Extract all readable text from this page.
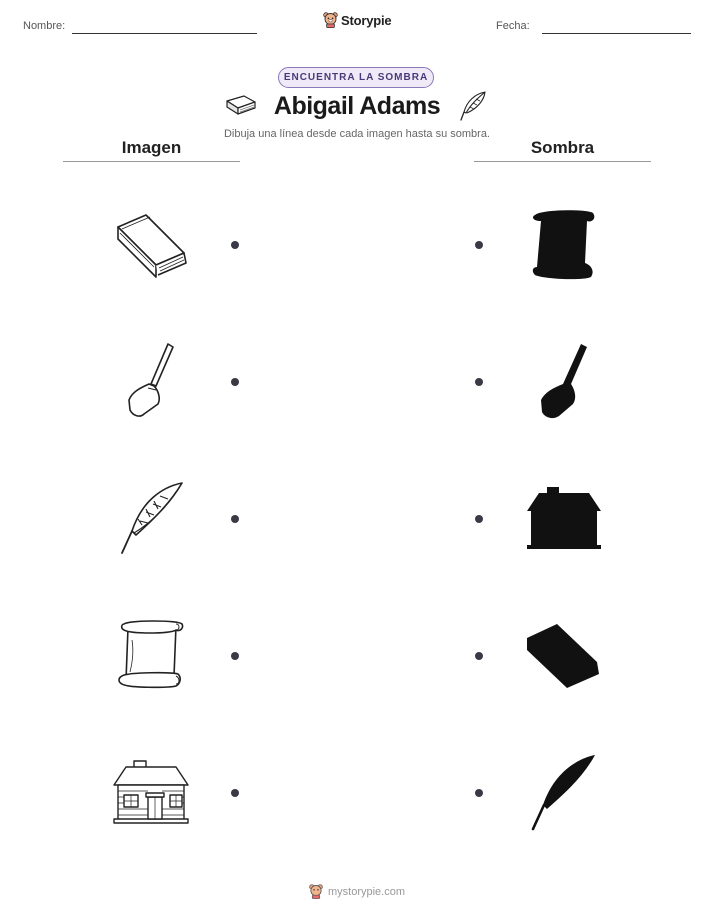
Nombre:	Storypie	Fecha:
ENCUENTRA LA SOMBRA
Abigail Adams
Dibuja una línea desde cada imagen hasta su sombra.
Imagen	Sombra
mystorypie.com
